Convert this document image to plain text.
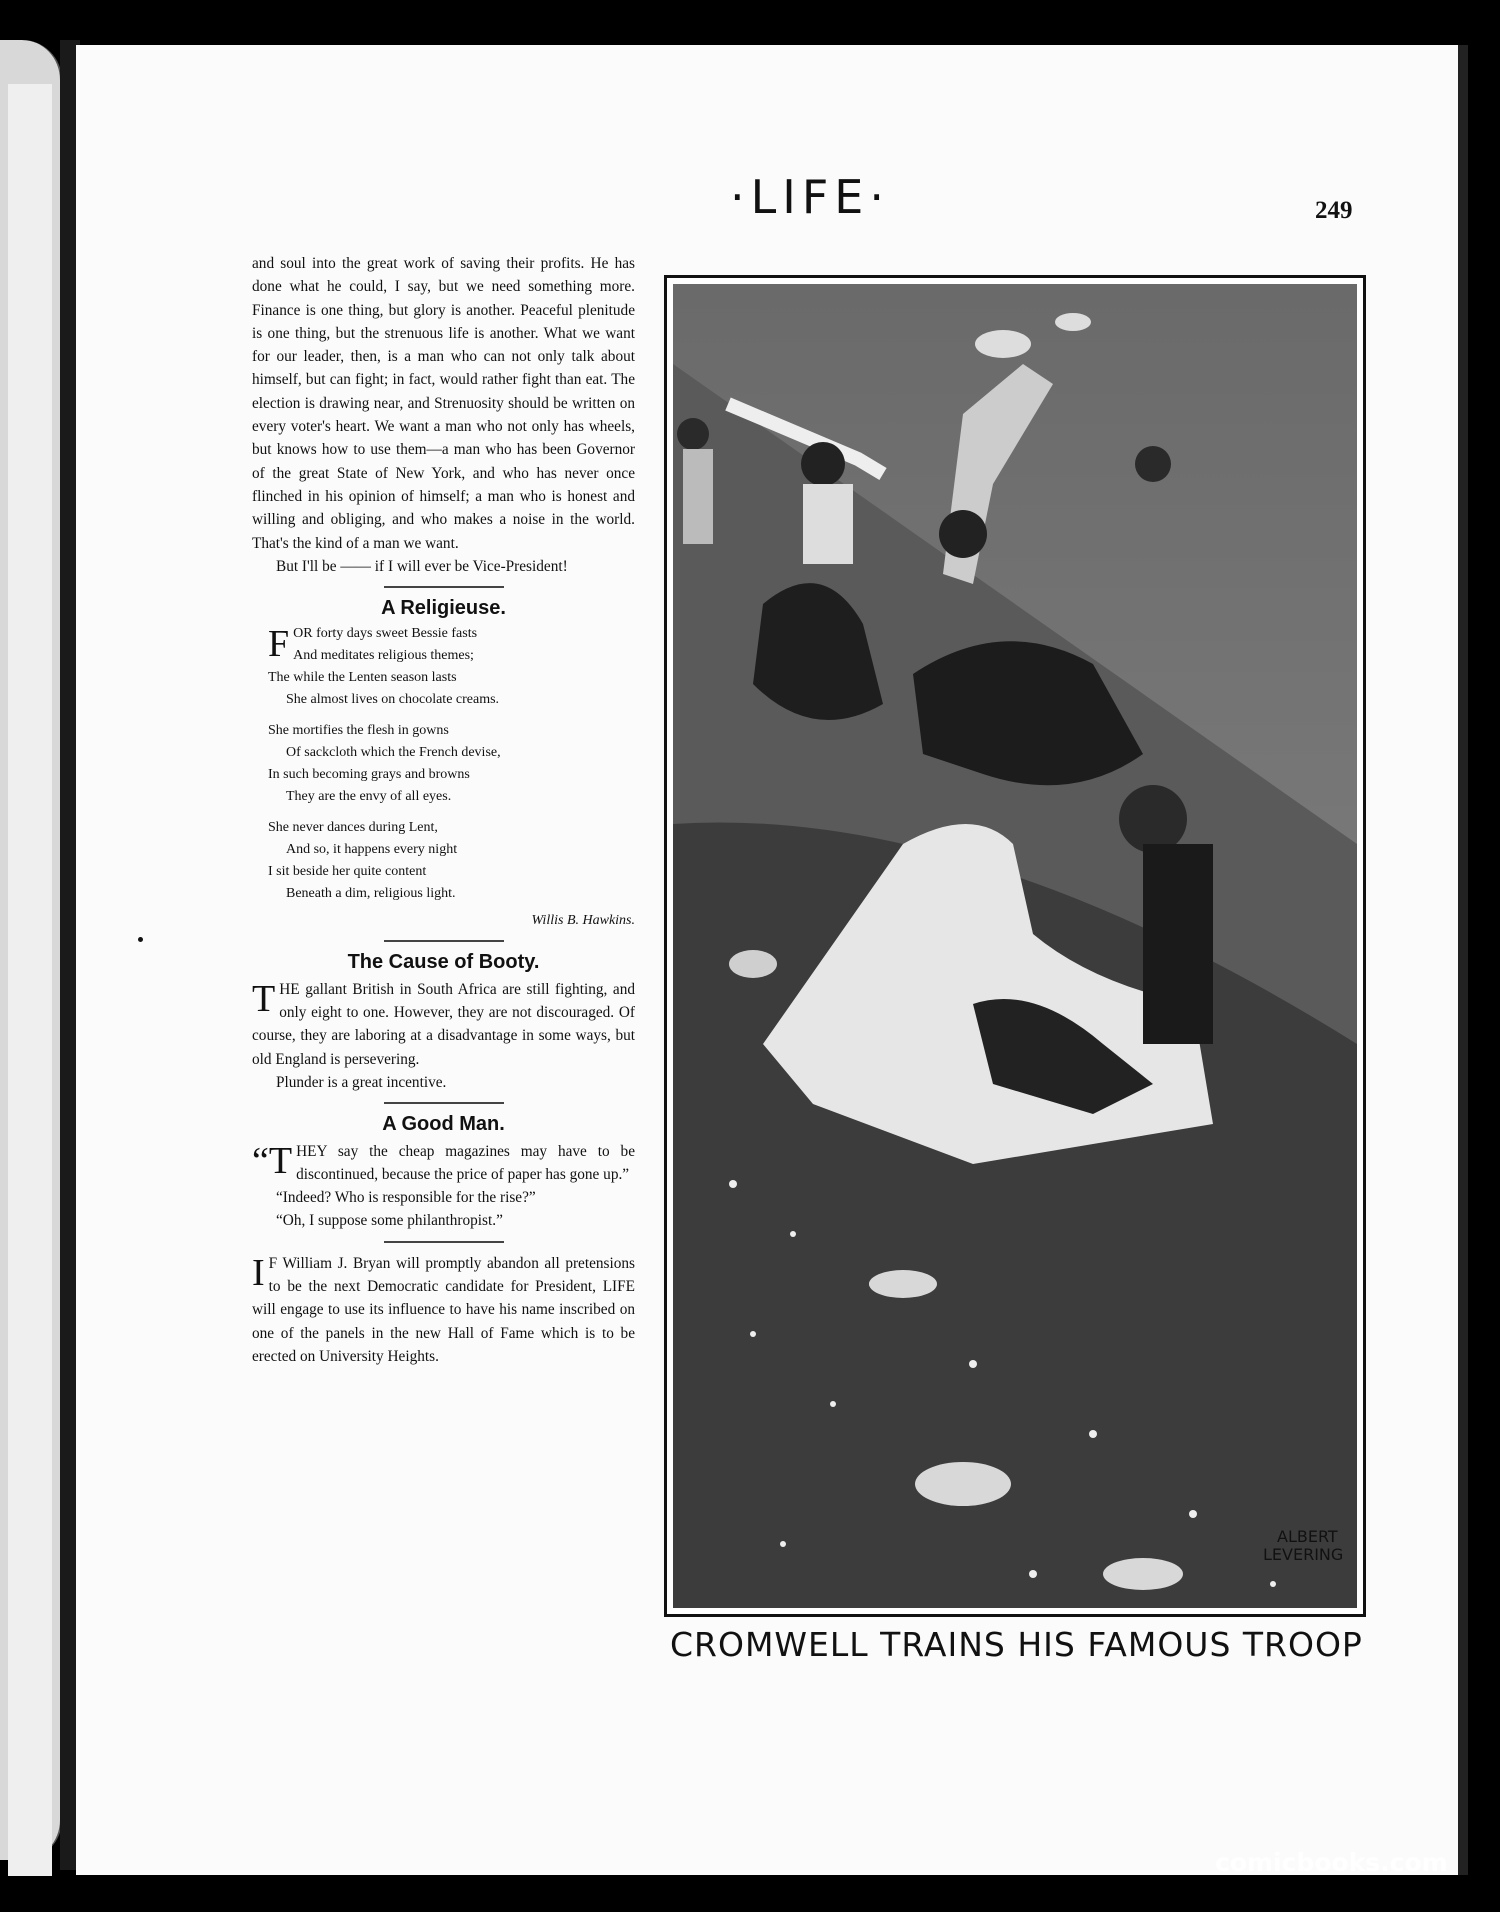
·LIFE·	249

and soul into the great work of saving their profits. He has done what he could, I say, but we need something more. Finance is one thing, but glory is another. Peaceful plenitude is one thing, but the strenuous life is another. What we want for our leader, then, is a man who can not only talk about himself, but can fight; in fact, would rather fight than eat. The election is drawing near, and Strenuosity should be written on every voter's heart. We want a man who not only has wheels, but knows how to use them—a man who has been Governor of the great State of New York, and who has never once flinched in his opinion of himself; a man who is honest and willing and obliging, and who makes a noise in the world. That's the kind of a man we want.

But I'll be —— if I will ever be Vice-President!

A Religieuse.
FOR forty days sweet Bessie fasts
And meditates religious themes;
The while the Lenten season lasts
She almost lives on chocolate creams.
She mortifies the flesh in gowns
Of sackcloth which the French devise,
In such becoming grays and browns
They are the envy of all eyes.
She never dances during Lent,
And so, it happens every night
I sit beside her quite content
Beneath a dim, religious light.
Willis B. Hawkins.
The Cause of Booty.

THE gallant British in South Africa are still fighting, and only eight to one. However, they are not discouraged. Of course, they are laboring at a disadvantage in some ways, but old England is persevering.

Plunder is a great incentive.

A Good Man.

“THEY say the cheap magazines may have to be discontinued, because the price of paper has gone up.”

“Indeed? Who is responsible for the rise?”

“Oh, I suppose some philanthropist.”

I F William J. Bryan will promptly abandon all pretensions to be the next Democratic candidate for President, LIFE will engage to use its influence to have his name inscribed on one of the panels in the new Hall of Fame which is to be erected on University Heights.

ALBERT
LEVERING
CROMWELL TRAINS HIS FAMOUS TROOP
comicbooks.com
